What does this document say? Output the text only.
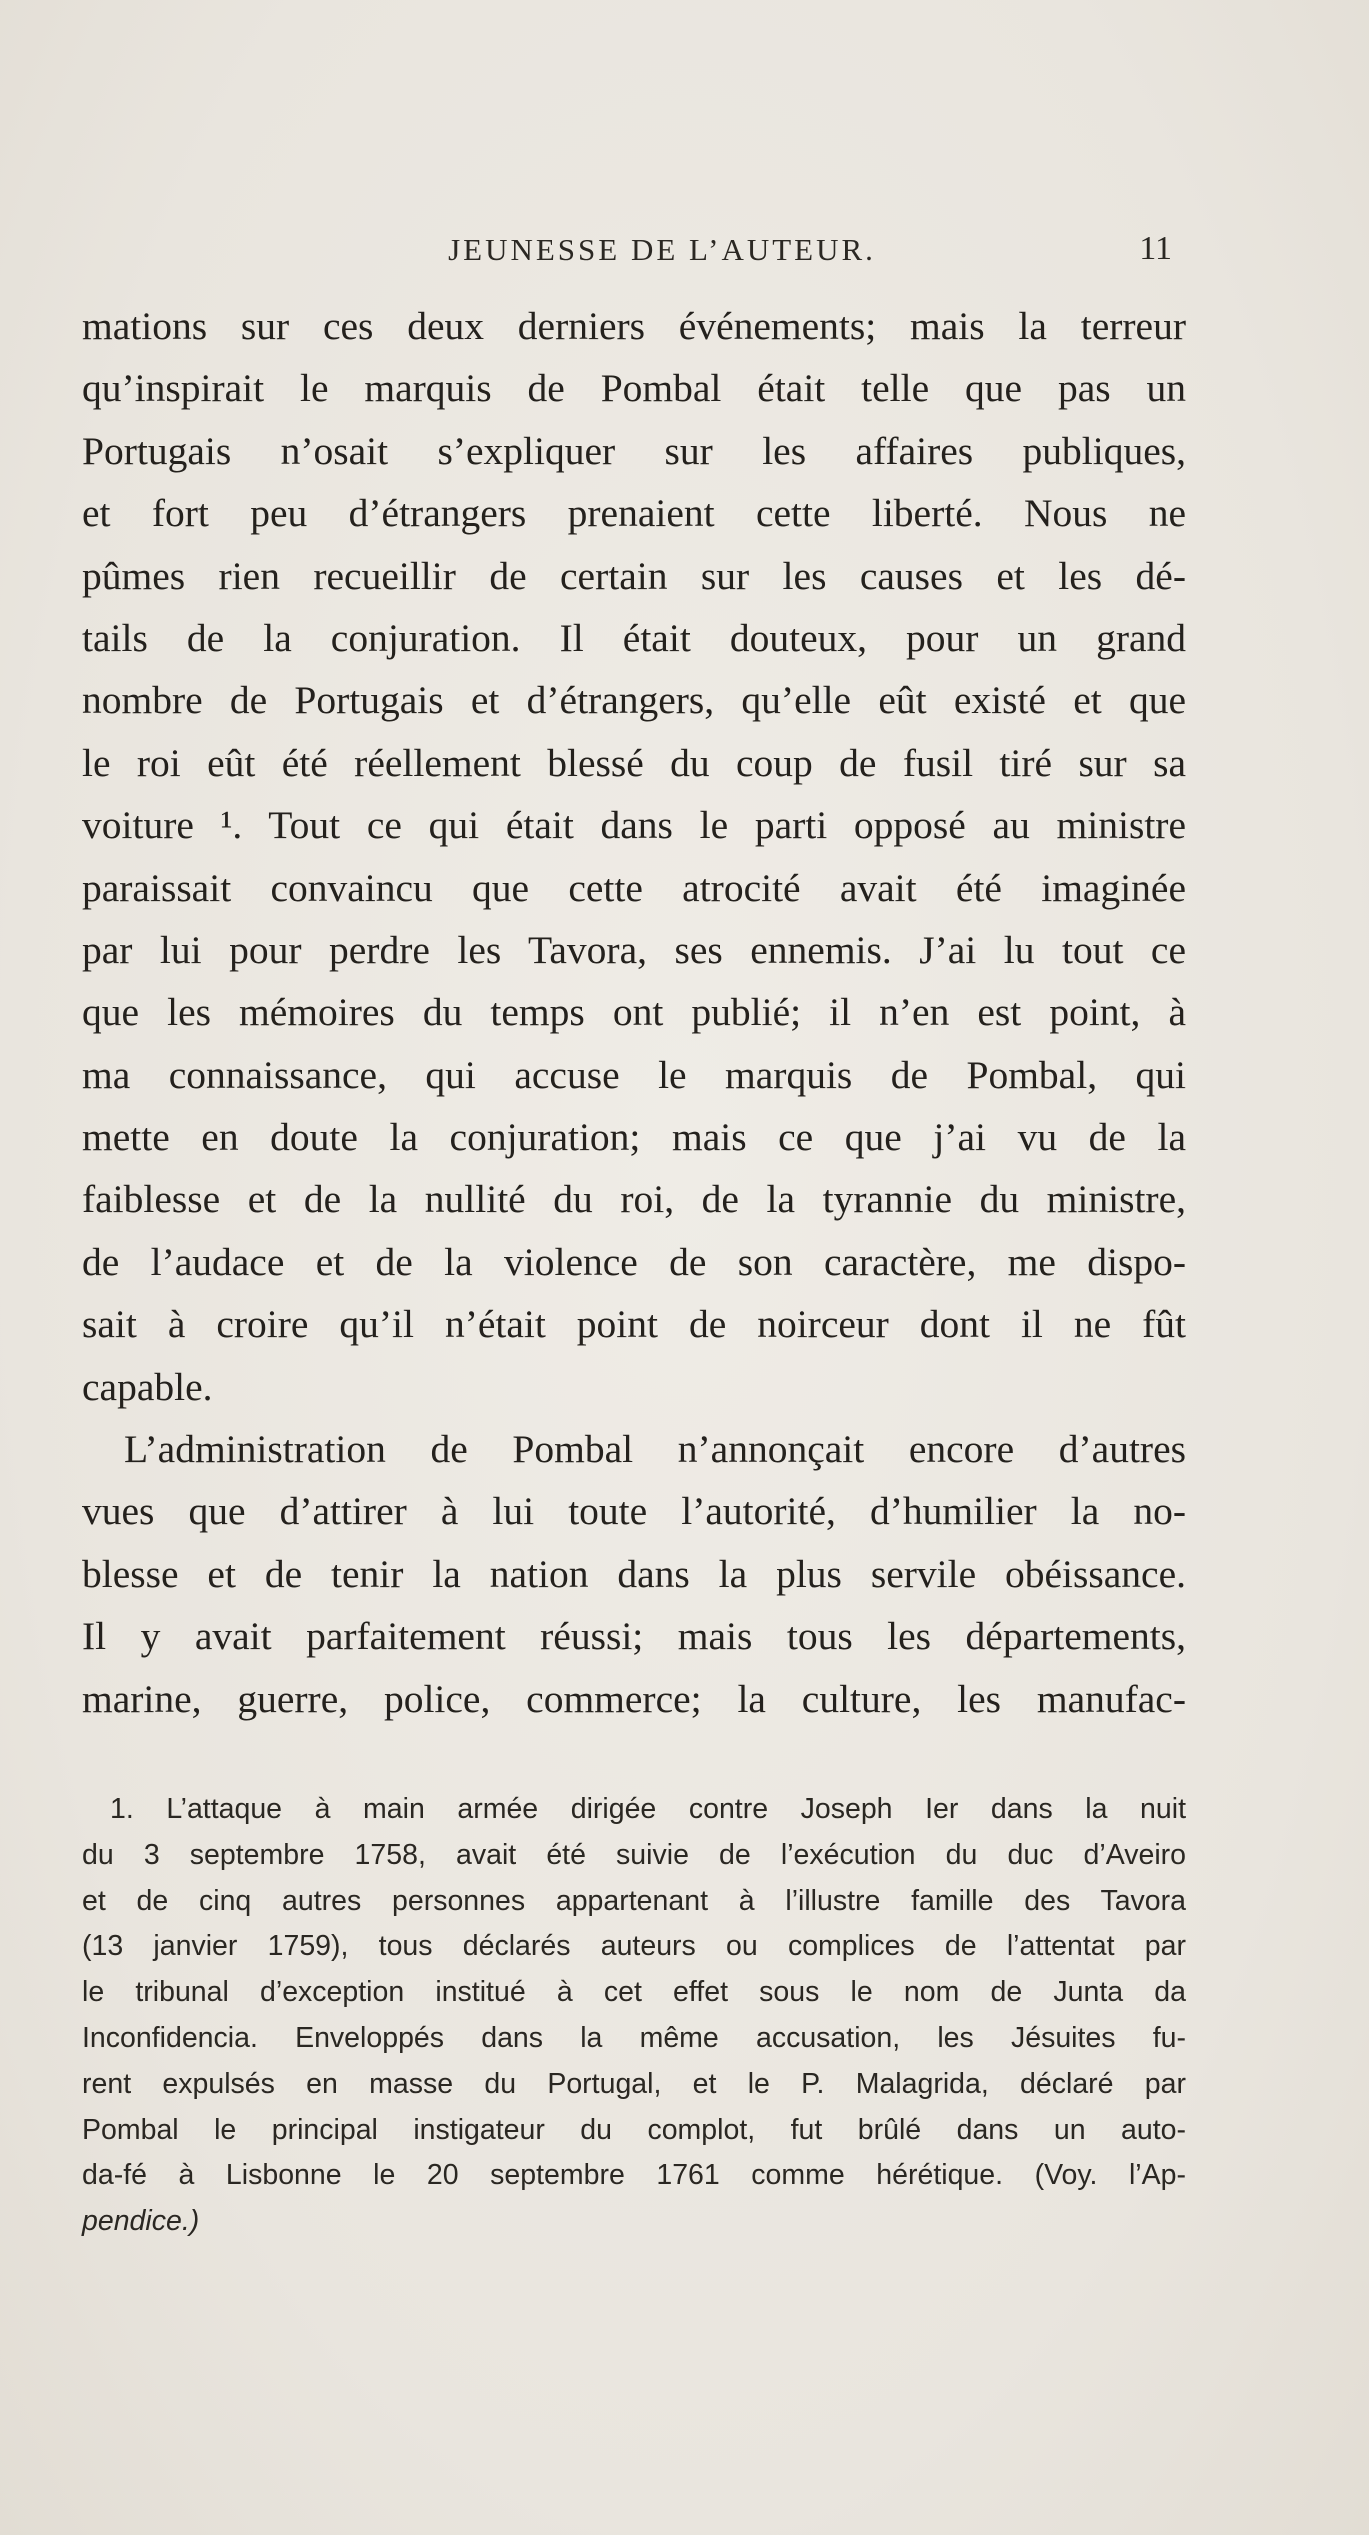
JEUNESSE DE L’AUTEUR.	11
mations sur ces deux derniers événements; mais la terreur
qu’inspirait le marquis de Pombal était telle que pas un
Portugais n’osait s’expliquer sur les affaires publiques,
et fort peu d’étrangers prenaient cette liberté. Nous ne
pûmes rien recueillir de certain sur les causes et les dé-
tails de la conjuration. Il était douteux, pour un grand
nombre de Portugais et d’étrangers, qu’elle eût existé et que
le roi eût été réellement blessé du coup de fusil tiré sur sa
voiture ¹. Tout ce qui était dans le parti opposé au ministre
paraissait convaincu que cette atrocité avait été imaginée
par lui pour perdre les Tavora, ses ennemis. J’ai lu tout ce
que les mémoires du temps ont publié; il n’en est point, à
ma connaissance, qui accuse le marquis de Pombal, qui
mette en doute la conjuration; mais ce que j’ai vu de la
faiblesse et de la nullité du roi, de la tyrannie du ministre,
de l’audace et de la violence de son caractère, me dispo-
sait à croire qu’il n’était point de noirceur dont il ne fût
capable.
L’administration de Pombal n’annonçait encore d’autres
vues que d’attirer à lui toute l’autorité, d’humilier la no-
blesse et de tenir la nation dans la plus servile obéissance.
Il y avait parfaitement réussi; mais tous les départements,
marine, guerre, police, commerce; la culture, les manufac-
1. L’attaque à main armée dirigée contre Joseph Ier dans la nuit
du 3 septembre 1758, avait été suivie de l’exécution du duc d’Aveiro
et de cinq autres personnes appartenant à l’illustre famille des Tavora
(13 janvier 1759), tous déclarés auteurs ou complices de l’attentat par
le tribunal d’exception institué à cet effet sous le nom de Junta da
Inconfidencia. Enveloppés dans la même accusation, les Jésuites fu-
rent expulsés en masse du Portugal, et le P. Malagrida, déclaré par
Pombal le principal instigateur du complot, fut brûlé dans un auto-
da-fé à Lisbonne le 20 septembre 1761 comme hérétique. (Voy. l’Ap-
pendice.)
